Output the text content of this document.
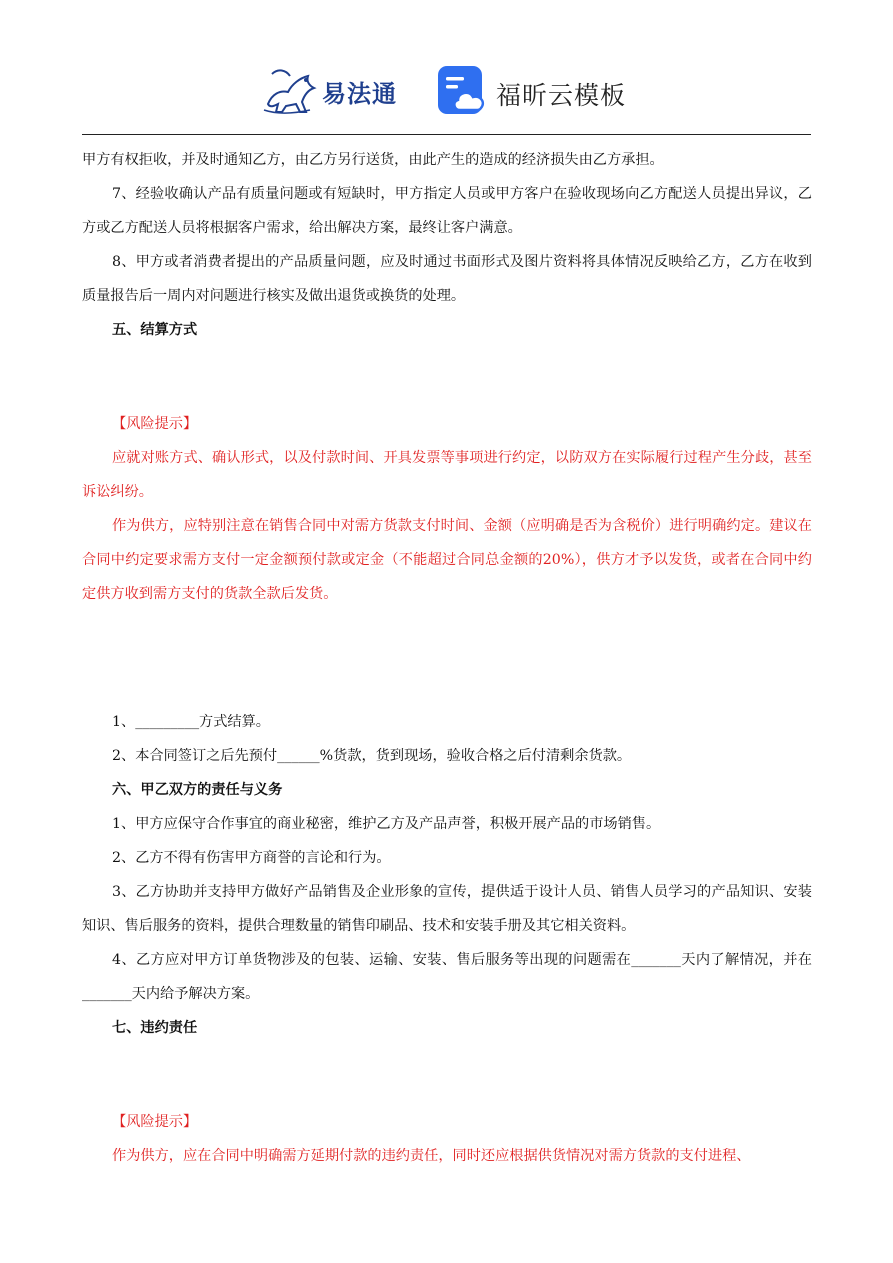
易法通	福昕云模板

甲方有权拒收，并及时通知乙方，由乙方另行送货，由此产生的造成的经济损失由乙方承担。

7、经验收确认产品有质量问题或有短缺时，甲方指定人员或甲方客户在验收现场向乙方配送人员提出异议，乙方或乙方配送人员将根据客户需求，给出解决方案，最终让客户满意。

8、甲方或者消费者提出的产品质量问题，应及时通过书面形式及图片资料将具体情况反映给乙方，乙方在收到质量报告后一周内对问题进行核实及做出退货或换货的处理。

五、结算方式

【风险提示】

应就对账方式、确认形式，以及付款时间、开具发票等事项进行约定，以防双方在实际履行过程产生分歧，甚至诉讼纠纷。

作为供方，应特别注意在销售合同中对需方货款支付时间、金额（应明确是否为含税价）进行明确约定。建议在合同中约定要求需方支付一定金额预付款或定金（不能超过合同总金额的20%），供方才予以发货，或者在合同中约定供方收到需方支付的货款全款后发货。

1、_________方式结算。

2、本合同签订之后先预付______%货款，货到现场，验收合格之后付清剩余货款。

六、甲乙双方的责任与义务

1、甲方应保守合作事宜的商业秘密，维护乙方及产品声誉，积极开展产品的市场销售。

2、乙方不得有伤害甲方商誉的言论和行为。

3、乙方协助并支持甲方做好产品销售及企业形象的宣传，提供适于设计人员、销售人员学习的产品知识、安装知识、售后服务的资料，提供合理数量的销售印刷品、技术和安装手册及其它相关资料。

4、乙方应对甲方订单货物涉及的包装、运输、安装、售后服务等出现的问题需在_______天内了解情况，并在_______天内给予解决方案。

七、违约责任

【风险提示】

作为供方，应在合同中明确需方延期付款的违约责任，同时还应根据供货情况对需方货款的支付进程、
